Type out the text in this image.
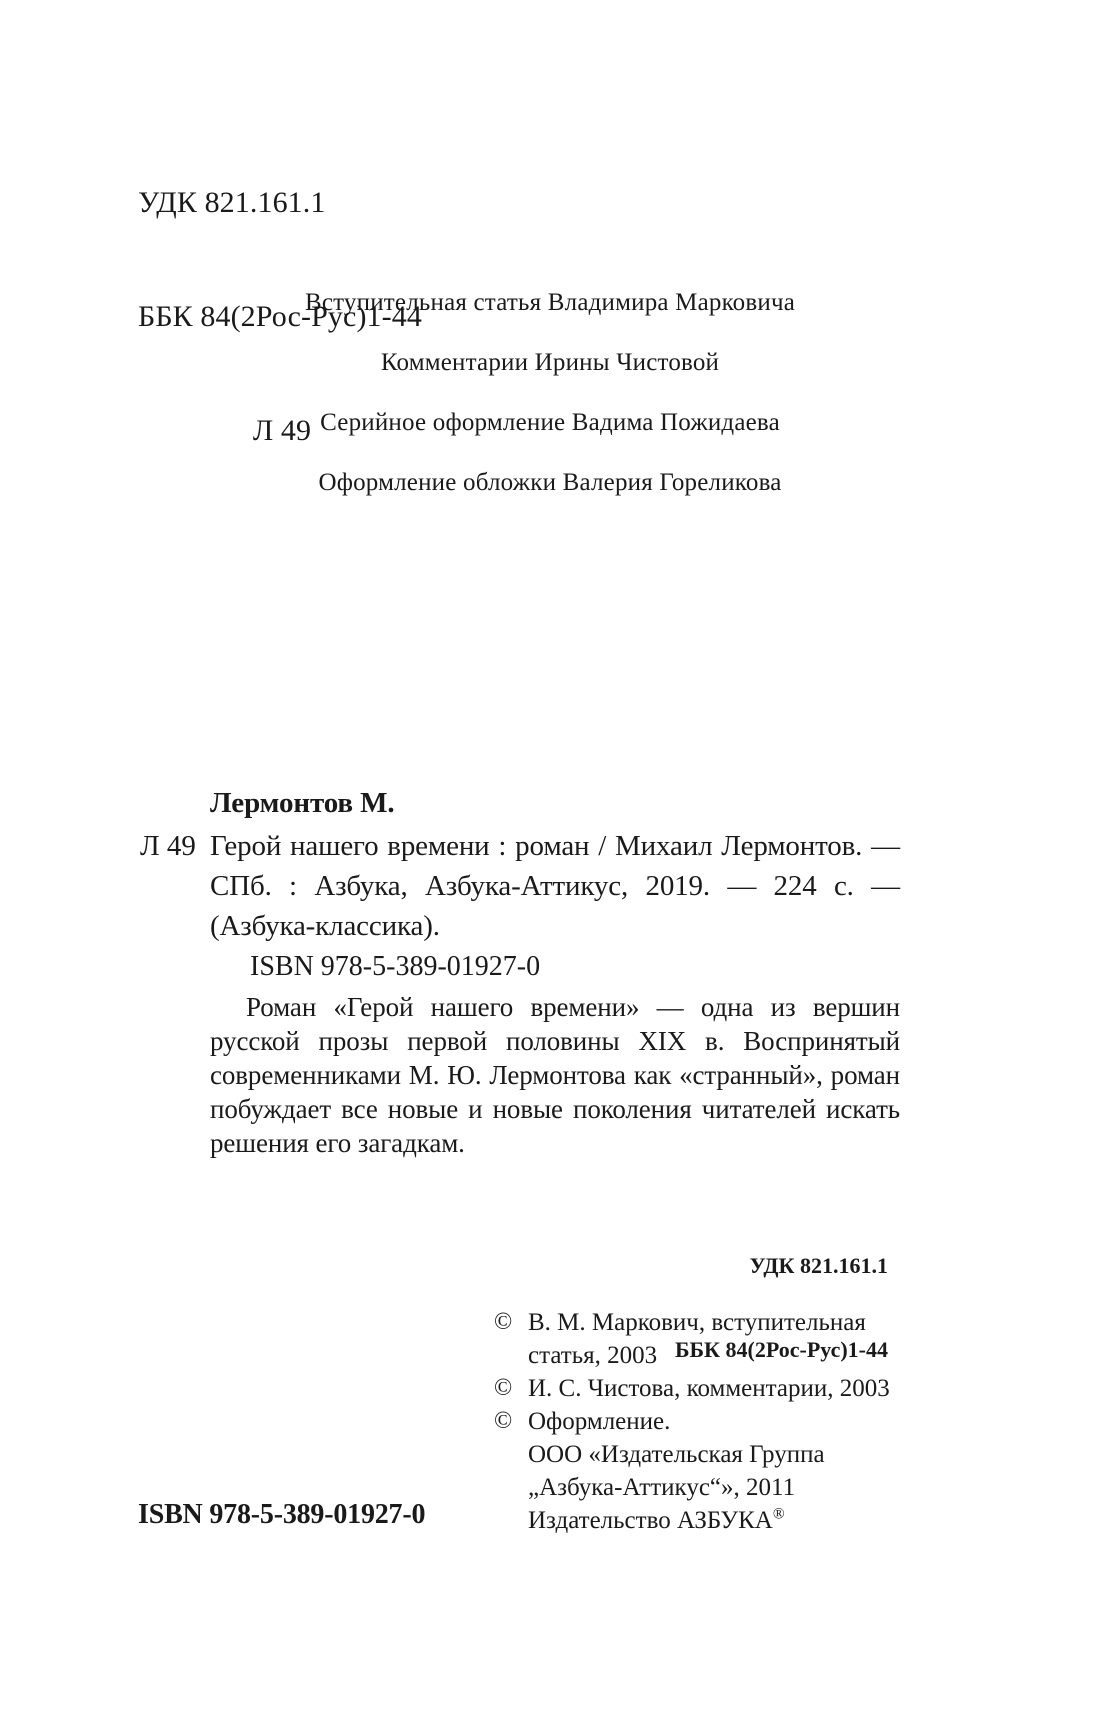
УДК 821.161.1

ББК 84(2Рос-Рус)1-44

Л 49

Вступительная статья Владимира Марковича

Комментарии Ирины Чистовой

Серийное оформление Вадима Пожидаева

Оформление обложки Валерия Гореликова

Лермонтов М.
Л 49 Герой нашего времени : роман / Михаил Лермонтов. — СПб. : Азбука, Азбука-Аттикус, 2019. — 224 с. — (Азбука-классика).
ISBN 978-5-389-01927-0
Роман «Герой нашего времени» — одна из вершин русской прозы первой половины XIX в. Воспринятый современниками М. Ю. Лермонтова как «странный», роман побуждает все новые и новые поколения читателей искать решения его загадкам.

УДК 821.161.1

ББК 84(2Рос-Рус)1-44

© В. М. Маркович, вступительная
статья, 2003
© И. С. Чистова, комментарии, 2003
© Оформление.
ООО «Издательская Группа
„Азбука-Аттикус“», 2011
Издательство АЗБУКА®
ISBN 978-5-389-01927-0
